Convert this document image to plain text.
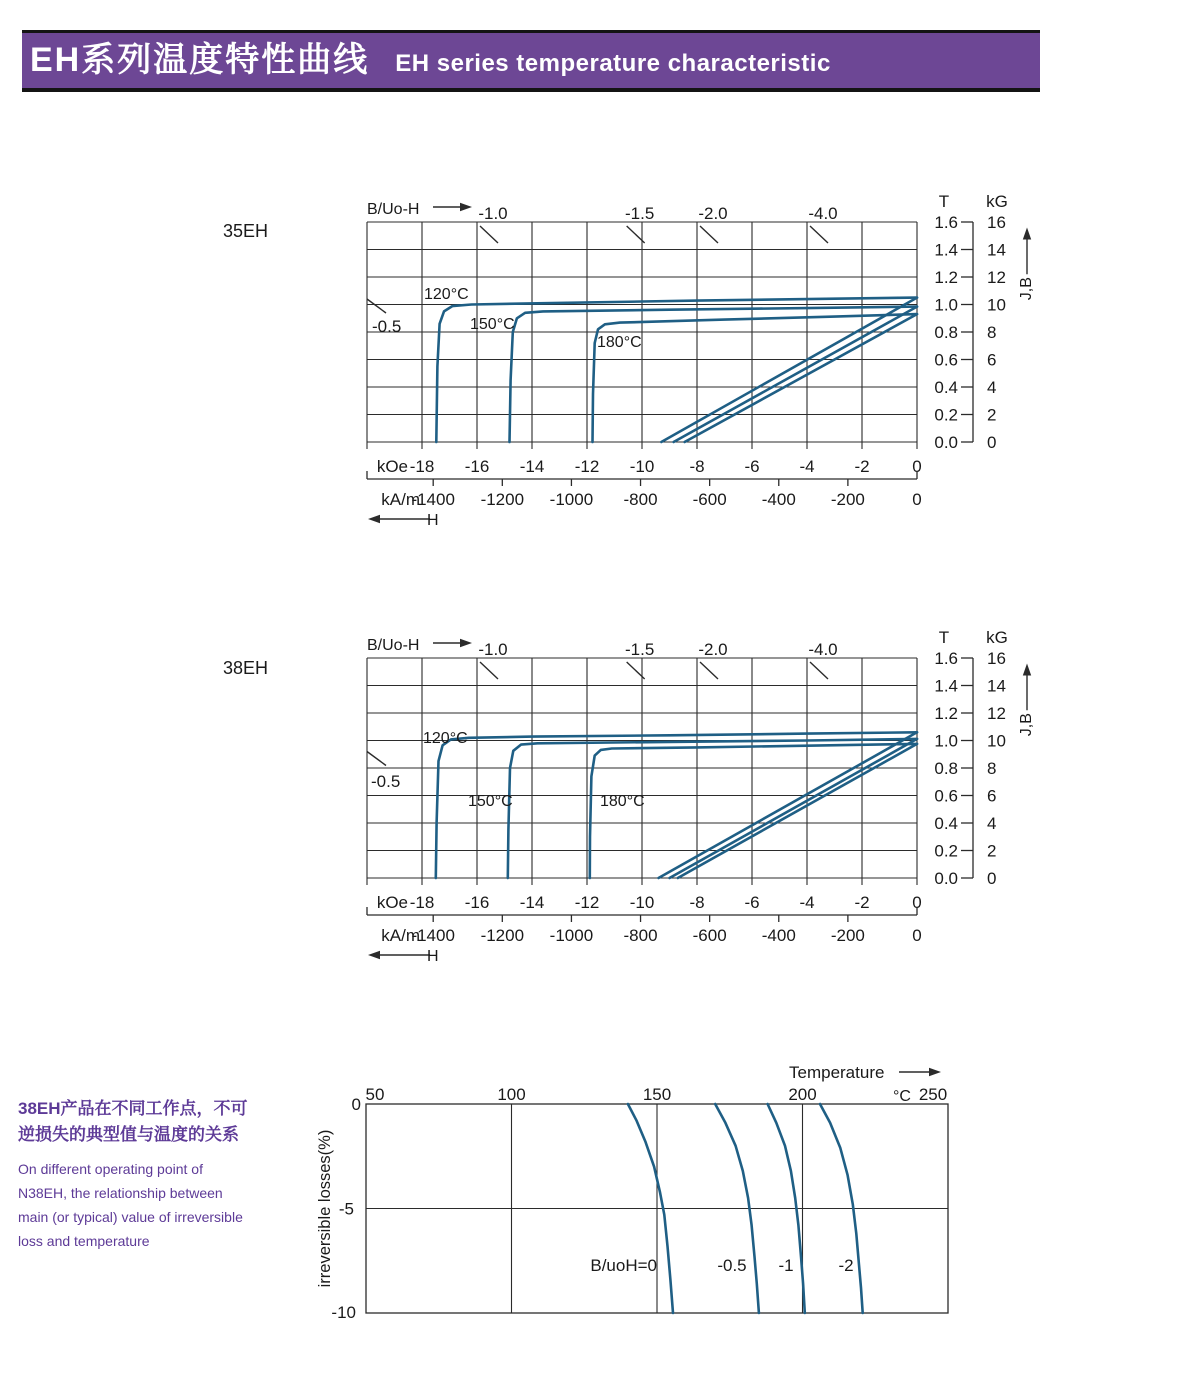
EH系列温度特性曲线 EH series temperature characteristic
35EH
B/Uo-H	-1.0	-1.5	-2.0	-4.0
-0.5
120°C
150°C
180°C
kOe -18 -16 -14 -12 -10 -8 -6 -4 -2	0
kA/m
-1400 -1200 -1000 -800 -600 -400 -200	0
H
T kG
1.6 16
1.4 14
1.2 12
1.0 10
0.8 8
0.6 6
0.4 4
0.2 2
0.0 0
J,B
38EH
B/Uo-H	-1.0	-1.5	-2.0	-4.0
-0.5
120°C
150°C	180°C
kOe -18 -16 -14 -12 -10 -8 -6 -4 -2	0
kA/m
-1400 -1200 -1000 -800 -600 -400 -200	0
H
T kG
1.6 16
1.4 14
1.2 12
1.0 10
0.8 8
0.6 6
0.4 4
0.2 2
0.0 0
J,B
Temperature
50	100	150	200	250
°C
0
-5
-10
irreversible losses(%)	B/uoH=0	-0.5 -1	-2
38EH产品在不同工作点，不可
逆损失的典型值与温度的关系
On different operating point of
N38EH, the relationship between
main (or typical) value of irreversible
loss and temperature
